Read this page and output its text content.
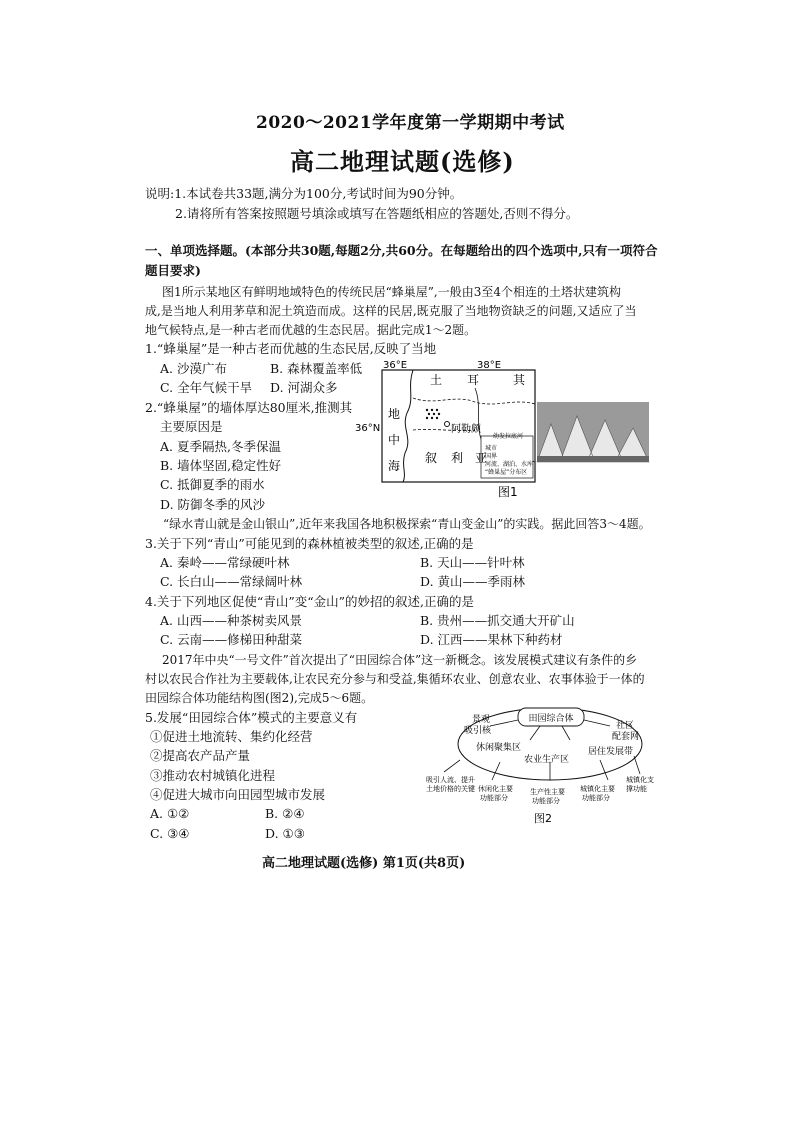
2020～2021学年度第一学期期中考试
高二地理试题(选修)
说明:1.本试卷共33题,满分为100分,考试时间为90分钟。
2.请将所有答案按照题号填涂或填写在答题纸相应的答题处,否则不得分。
一、单项选择题。(本部分共30题,每题2分,共60分。在每题给出的四个选项中,只有一项符合
题目要求)
图1所示某地区有鲜明地域特色的传统民居“蜂巢屋”,一般由3至4个相连的土塔状建筑构
成,是当地人利用茅草和泥土筑造而成。这样的民居,既克服了当地物资缺乏的问题,又适应了当
地气候特点,是一种古老而优越的生态民居。据此完成1～2题。
1.“蜂巢屋”是一种古老而优越的生态民居,反映了当地
A. 沙漠广布	B. 森林覆盖率低
C. 全年气候干旱 D. 河湖众多
2.“蜂巢屋”的墙体厚达80厘米,推测其
主要原因是
A. 夏季隔热,冬季保温
B. 墙体坚固,稳定性好
C. 抵御夏季的雨水
D. 防御冬季的风沙
36°E	38°E
36°N
土 耳	其
地
中
海
叙 利 亚
阿勒颇
幼发拉底河
城市
国界
河流、湖泊、水库
“蜂巢屋”分布区
图1
“绿水青山就是金山银山”,近年来我国各地积极探索“青山变金山”的实践。据此回答3～4题。
3.关于下列“青山”可能见到的森林植被类型的叙述,正确的是
A. 秦岭——常绿硬叶林	B. 天山——针叶林
C. 长白山——常绿阔叶林	D. 黄山——季雨林
4.关于下列地区促使“青山”变“金山”的妙招的叙述,正确的是
A. 山西——种茶树卖风景	B. 贵州——抓交通大开矿山
C. 云南——修梯田种甜菜	D. 江西——果林下种药材
2017年中央“一号文件”首次提出了“田园综合体”这一新概念。该发展模式建议有条件的乡
村以农民合作社为主要载体,让农民充分参与和受益,集循环农业、创意农业、农事体验于一体的
田园综合体功能结构图(图2),完成5～6题。
5.发展“田园综合体”模式的主要意义有
①促进土地流转、集约化经营
②提高农产品产量
③推动农村城镇化进程
④促进大城市向田园型城市发展
A. ①②	B. ②④
C. ③④	D. ①③
田园综合体
景观
吸引核
休闲聚集区
农业生产区
社区
配套网
居住发展带
吸引人流、提升
土地价格的关键 休闲化主要
功能部分
生产性主要
功能部分
城镇化主要
功能部分
城镇化支
撑功能
图2
高二地理试题(选修) 第1页(共8页)
